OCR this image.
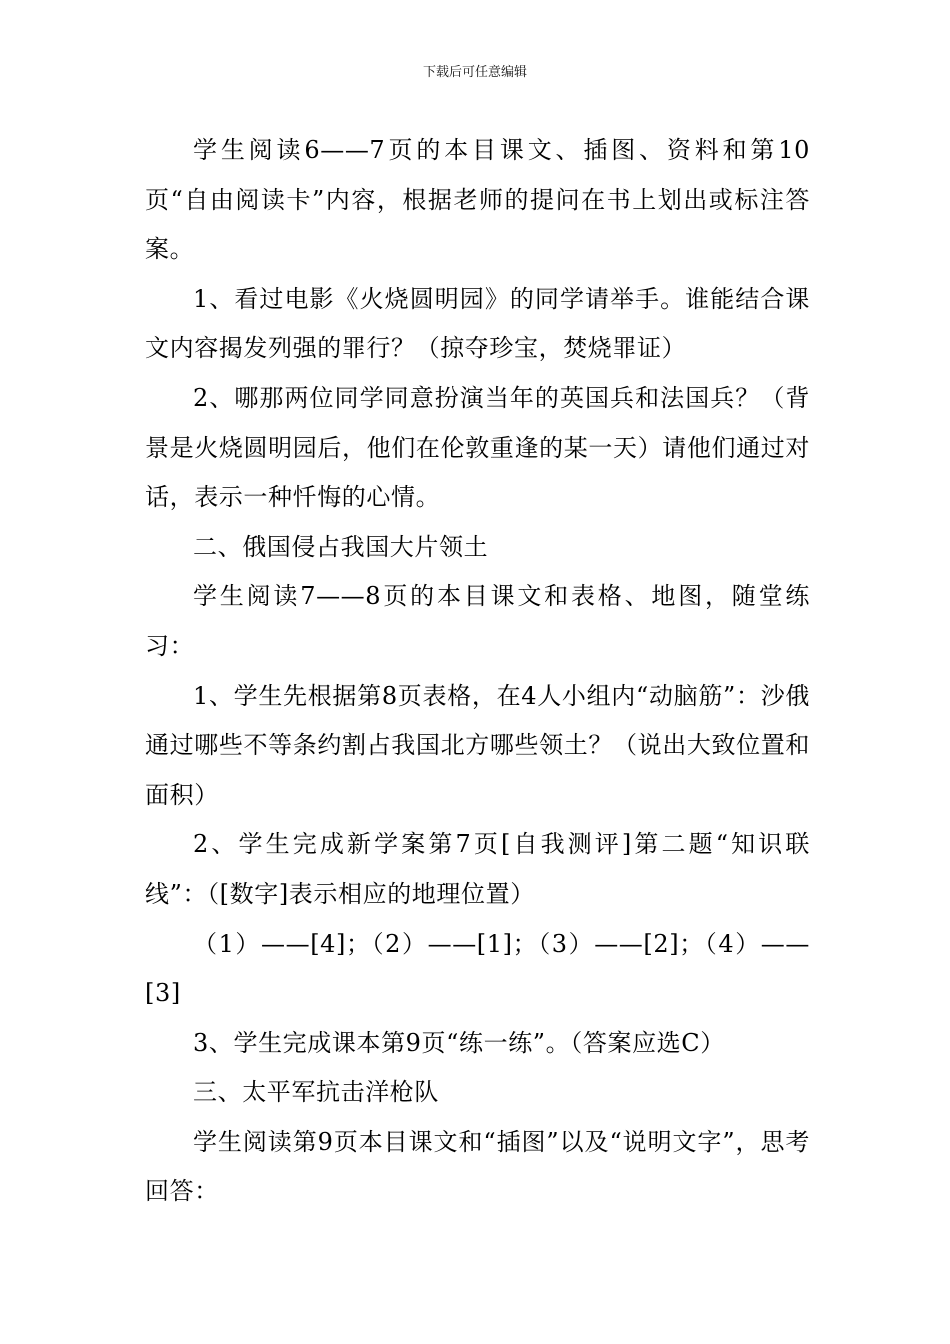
下载后可任意编辑

学生阅读6——7页的本目课文、插图、资料和第10页“自由阅读卡”内容，根据老师的提问在书上划出或标注答案。

1、看过电影《火烧圆明园》的同学请举手。谁能结合课文内容揭发列强的罪行？（掠夺珍宝，焚烧罪证）

2、哪那两位同学同意扮演当年的英国兵和法国兵？（背景是火烧圆明园后，他们在伦敦重逢的某一天）请他们通过对话，表示一种忏悔的心情。

二、俄国侵占我国大片领土

学生阅读7——8页的本目课文和表格、地图，随堂练习：

1、学生先根据第8页表格，在4人小组内“动脑筋”：沙俄通过哪些不等条约割占我国北方哪些领土？（说出大致位置和面积）

2、学生完成新学案第7页[自我测评]第二题“知识联线”：（[数字]表示相应的地理位置）

（1）——[4]；（2）——[1]；（3）——[2]；（4）——[3]

3、学生完成课本第9页“练一练”。（答案应选C）

三、太平军抗击洋枪队

学生阅读第9页本目课文和“插图”以及“说明文字”，思考回答：
